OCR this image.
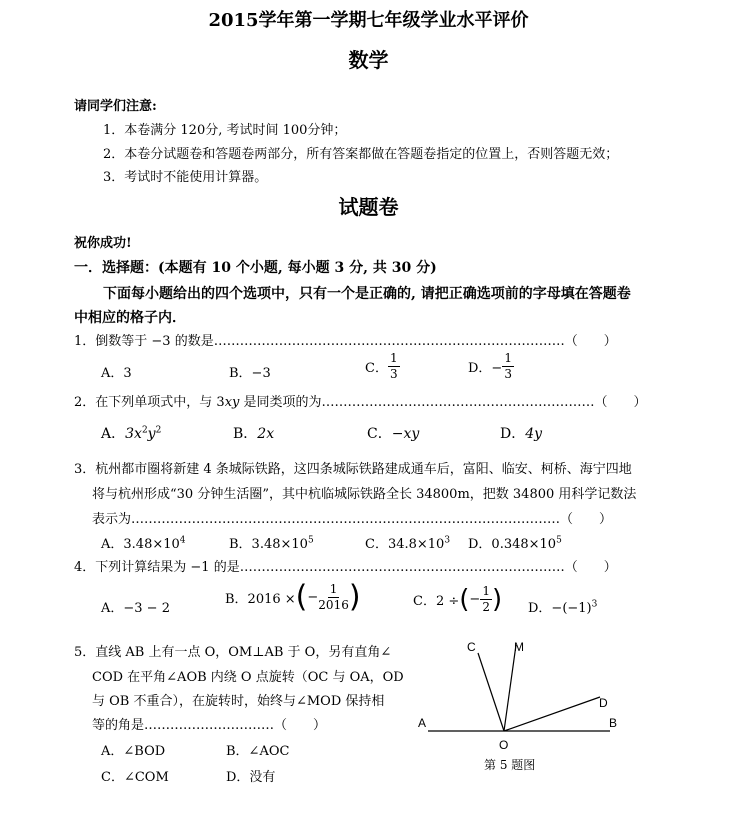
2015学年第一学期七年级学业水平评价
数学
请同学们注意:
1．本卷满分 120分, 考试时间 100分钟；
2．本卷分试题卷和答题卷两部分，所有答案都做在答题卷指定的位置上，否则答题无效；
3．考试时不能使用计算器。
试题卷
祝你成功!
一．选择题：(本题有 10 个小题, 每小题 3 分, 共 30 分)
下面每小题给出的四个选项中，只有一个是正确的, 请把正确选项前的字母填在答题卷
中相应的格子内．
1．倒数等于 −3 的数是………………………………………………………………………（　　）
A．3	B．−3	C． $\frac{1}{3}$	D．− $\frac{1}{3}$
2．在下列单项式中，与 3xy 是同类项的为………………………………………………………（　　）
A．$3x^2y^2$	B．2x	C．−xy	D．4y
3．杭州都市圈将新建 4 条城际铁路，这四条城际铁路建成通车后，富阳、临安、柯桥、海宁四地
将与杭州形成“30 分钟生活圈”，其中杭临城际铁路全长 34800m，把数 34800 用科学记数法
表示为………………………………………………………………………………………（　　）
A．$3.48\times 10^4$	B．$3.48\times 10^5$	C．$34.8\times 10^3$ D．$0.348\times 10^5$
4．下列计算结果为 −1 的是…………………………………………………………………（　　）
A．−3 − 2
B．2016 ×(− $\frac{1}{2016}$ )	C．2 ÷(− $\frac{1}{2}$ ) D．$-(-1)^3$
5．直线 AB 上有一点 O，OM⊥AB 于 O，另有直角∠
COD 在平角∠AOB 内绕 O 点旋转（OC 与 OA，OD
与 OB 不重合），在旋转时，始终与∠MOD 保持相
等的角是…………………………（　　）
A．∠BOD	B．∠AOC
C．∠COM	D．没有
C	M
D
A	B
O
第 5 题图
